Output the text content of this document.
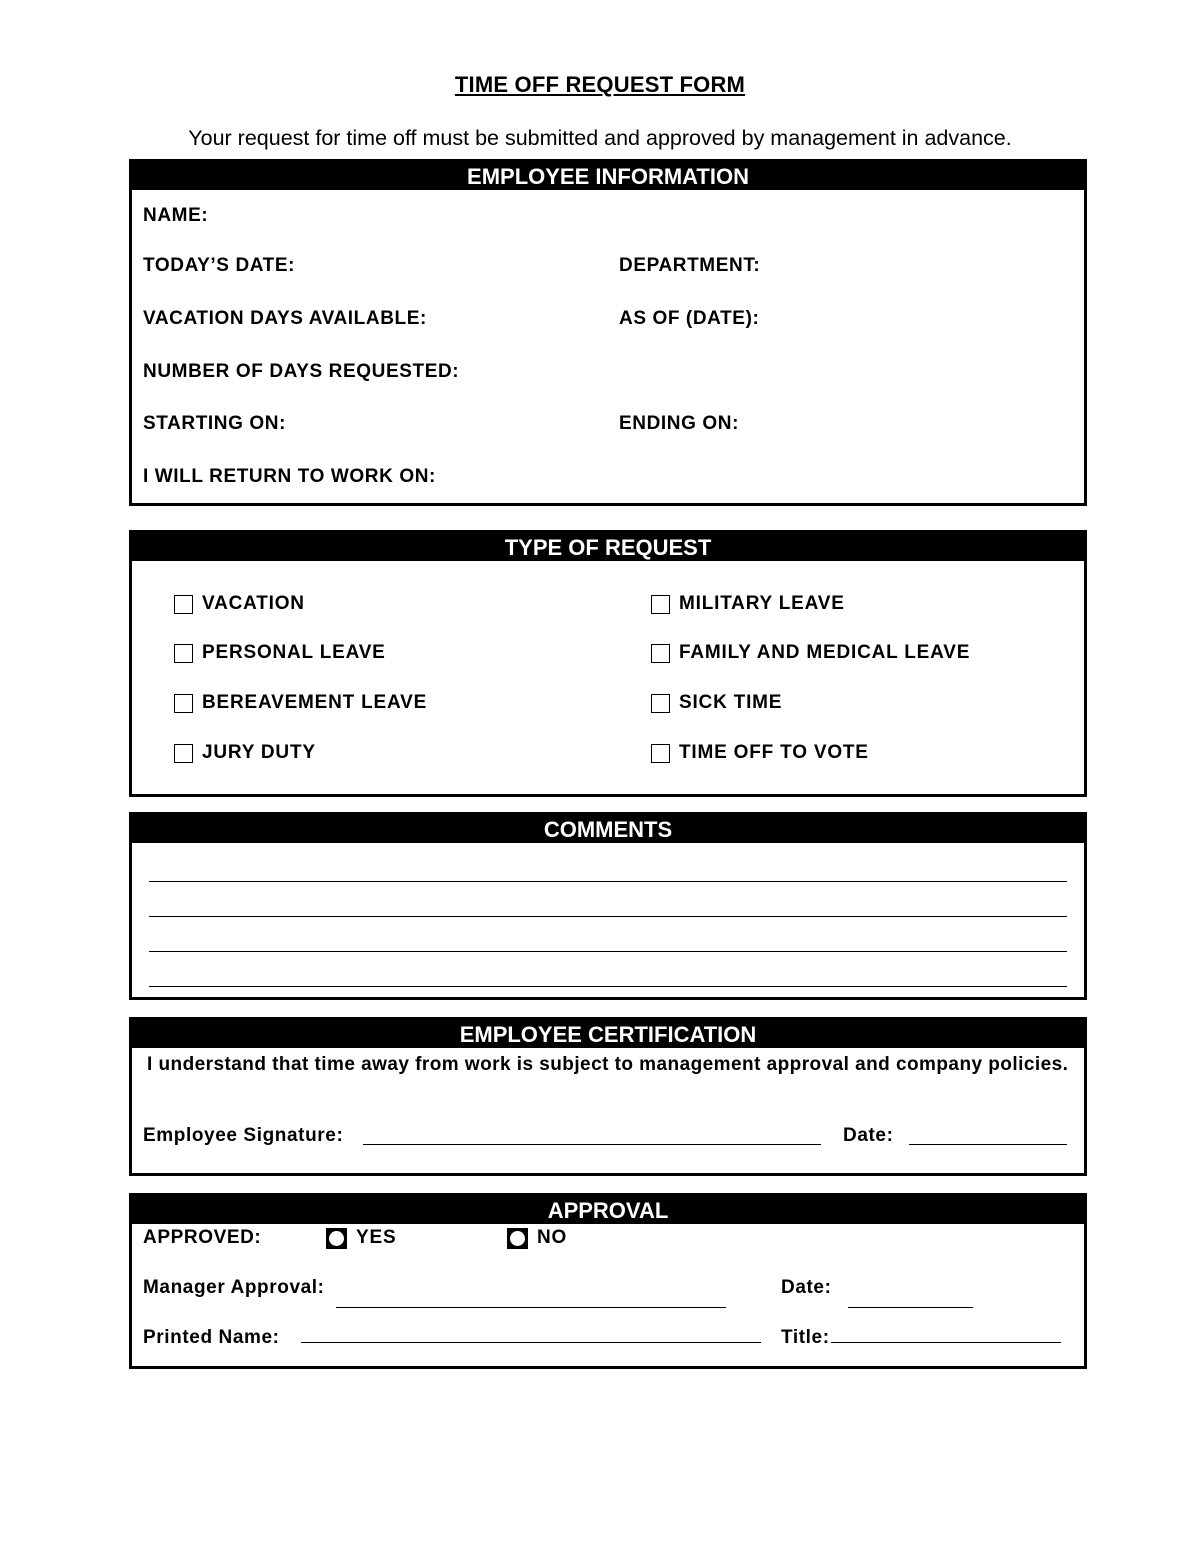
TIME OFF REQUEST FORM
Your request for time off must be submitted and approved by management in advance.
EMPLOYEE INFORMATION
NAME:
TODAY’S DATE:	DEPARTMENT:
VACATION DAYS AVAILABLE:	AS OF (DATE):
NUMBER OF DAYS REQUESTED:
STARTING ON:	ENDING ON:
I WILL RETURN TO WORK ON:
TYPE OF REQUEST
VACATION	MILITARY LEAVE
PERSONAL LEAVE	FAMILY AND MEDICAL LEAVE
BEREAVEMENT LEAVE	SICK TIME
JURY DUTY	TIME OFF TO VOTE
COMMENTS
EMPLOYEE CERTIFICATION
I understand that time away from work is subject to management approval and company policies.
Employee Signature:	Date:
APPROVAL
APPROVED:	YES	NO
Manager Approval:	Date:
Printed Name:	Title:
